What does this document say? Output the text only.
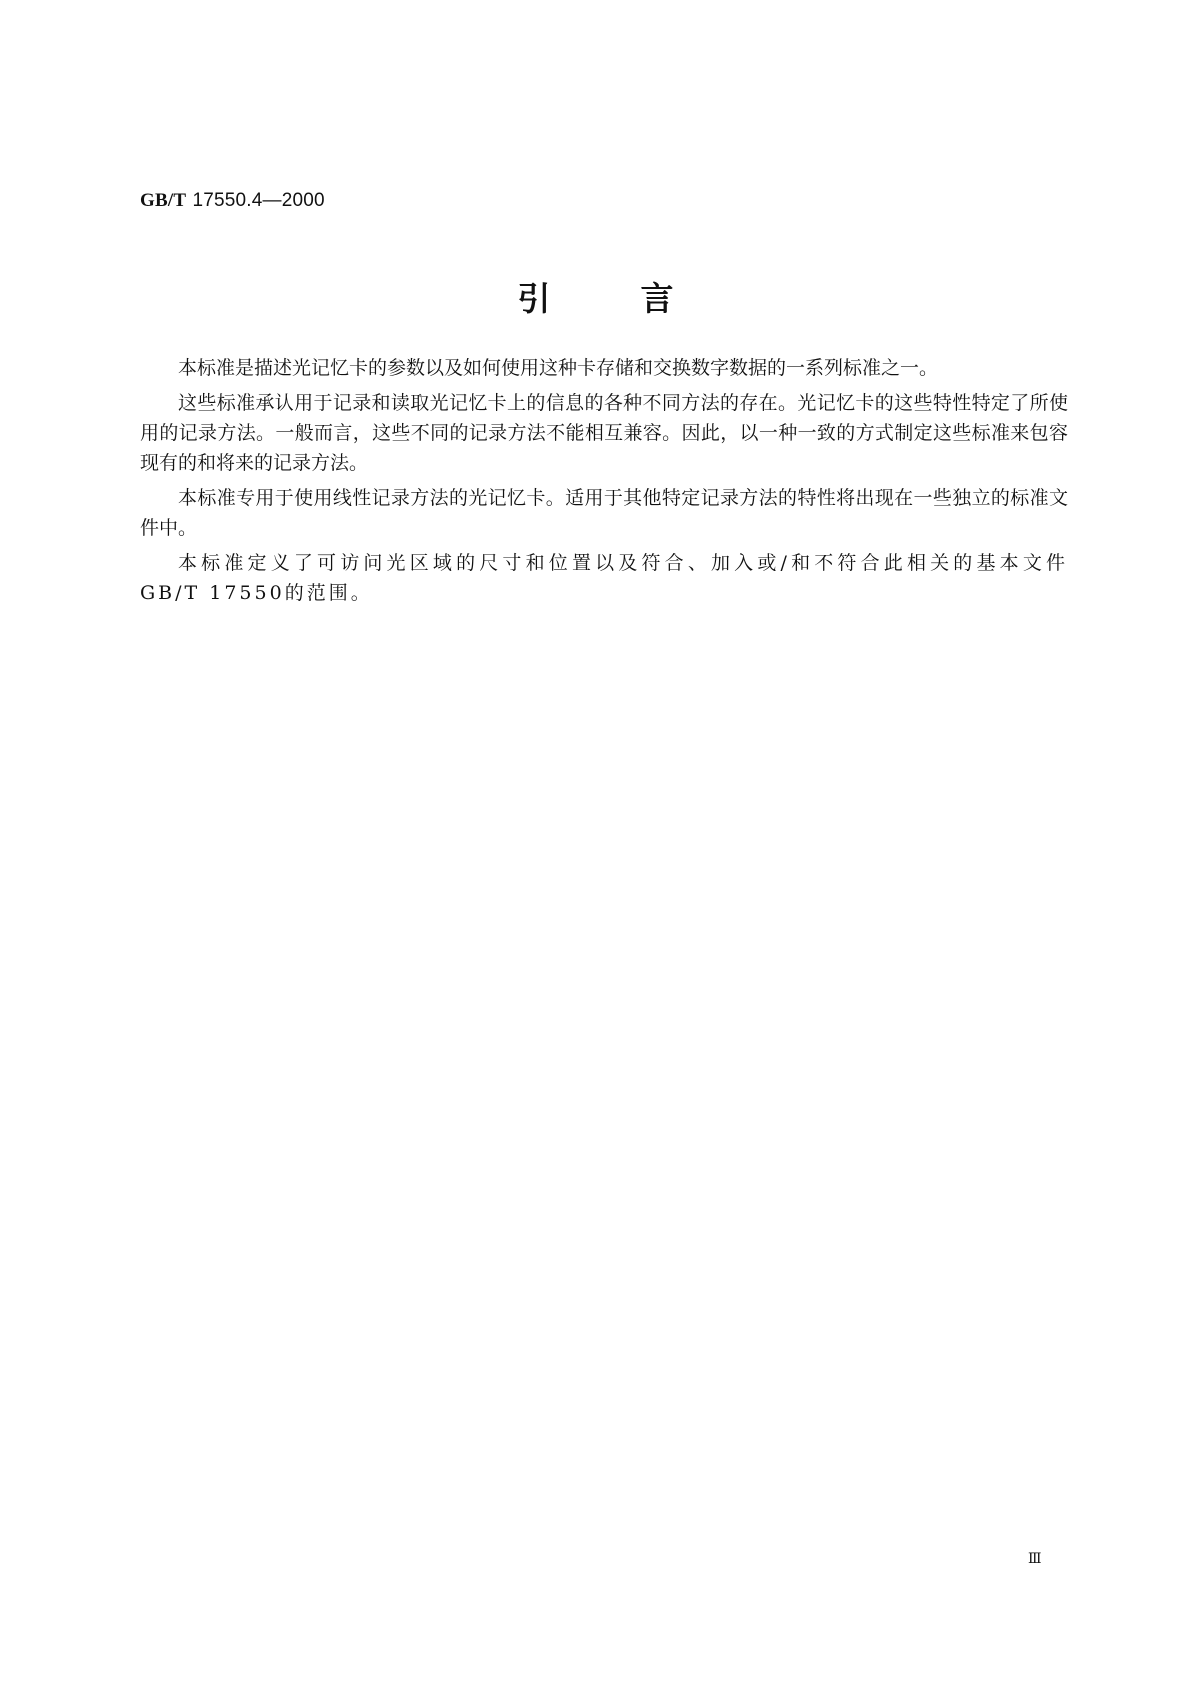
GB/T 17550.4—2000
引言

本标准是描述光记忆卡的参数以及如何使用这种卡存储和交换数字数据的一系列标准之一。

这些标准承认用于记录和读取光记忆卡上的信息的各种不同方法的存在。光记忆卡的这些特性特定了所使用的记录方法。一般而言，这些不同的记录方法不能相互兼容。因此，以一种一致的方式制定这些标准来包容现有的和将来的记录方法。

本标准专用于使用线性记录方法的光记忆卡。适用于其他特定记录方法的特性将出现在一些独立的标准文件中。

本标准定义了可访问光区域的尺寸和位置以及符合、加入或/和不符合此相关的基本文件GB/T 17550的范围。

Ⅲ
